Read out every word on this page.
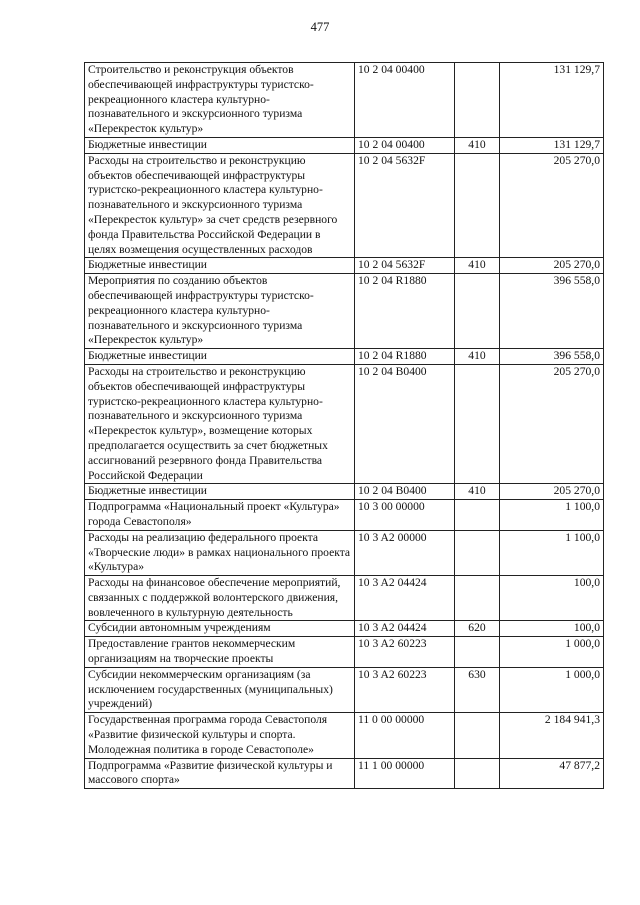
477
Строительство и реконструкция объектов обеспечивающей инфраструктуры туристско-рекреационного кластера культурно-познавательного и экскурсионного туризма «Перекресток культур»	10 2 04 00400		131 129,7
Бюджетные инвестиции	10 2 04 00400	410	131 129,7
Расходы на строительство и реконструкцию объектов обеспечивающей инфраструктуры туристско-рекреационного кластера культурно-познавательного и экскурсионного туризма «Перекресток культур» за счет средств резервного фонда Правительства Российской Федерации в целях возмещения осуществленных расходов	10 2 04 5632F		205 270,0
Бюджетные инвестиции	10 2 04 5632F	410	205 270,0
Мероприятия по созданию объектов обеспечивающей инфраструктуры туристско-рекреационного кластера культурно-познавательного и экскурсионного туризма «Перекресток культур»	10 2 04 R1880		396 558,0
Бюджетные инвестиции	10 2 04 R1880	410	396 558,0
Расходы на строительство и реконструкцию объектов обеспечивающей инфраструктуры туристско-рекреационного кластера культурно-познавательного и экскурсионного туризма «Перекресток культур», возмещение которых предполагается осуществить за счет бюджетных ассигнований резервного фонда Правительства Российской Федерации	10 2 04 B0400		205 270,0
Бюджетные инвестиции	10 2 04 B0400	410	205 270,0
Подпрограмма «Национальный проект «Культура» города Севастополя»	10 3 00 00000		1 100,0
Расходы на реализацию федерального проекта «Творческие люди» в рамках национального проекта «Культура»	10 3 A2 00000		1 100,0
Расходы на финансовое обеспечение мероприятий, связанных с поддержкой волонтерского движения, вовлеченного в культурную деятельность	10 3 A2 04424		100,0
Субсидии автономным учреждениям	10 3 A2 04424	620	100,0
Предоставление грантов некоммерческим организациям на творческие проекты	10 3 A2 60223		1 000,0
Субсидии некоммерческим организациям (за исключением государственных (муниципальных) учреждений)	10 3 A2 60223	630	1 000,0
Государственная программа города Севастополя «Развитие физической культуры и спорта. Молодежная политика в городе Севастополе»	11 0 00 00000		2 184 941,3
Подпрограмма «Развитие физической культуры и массового спорта»	11 1 00 00000		47 877,2
